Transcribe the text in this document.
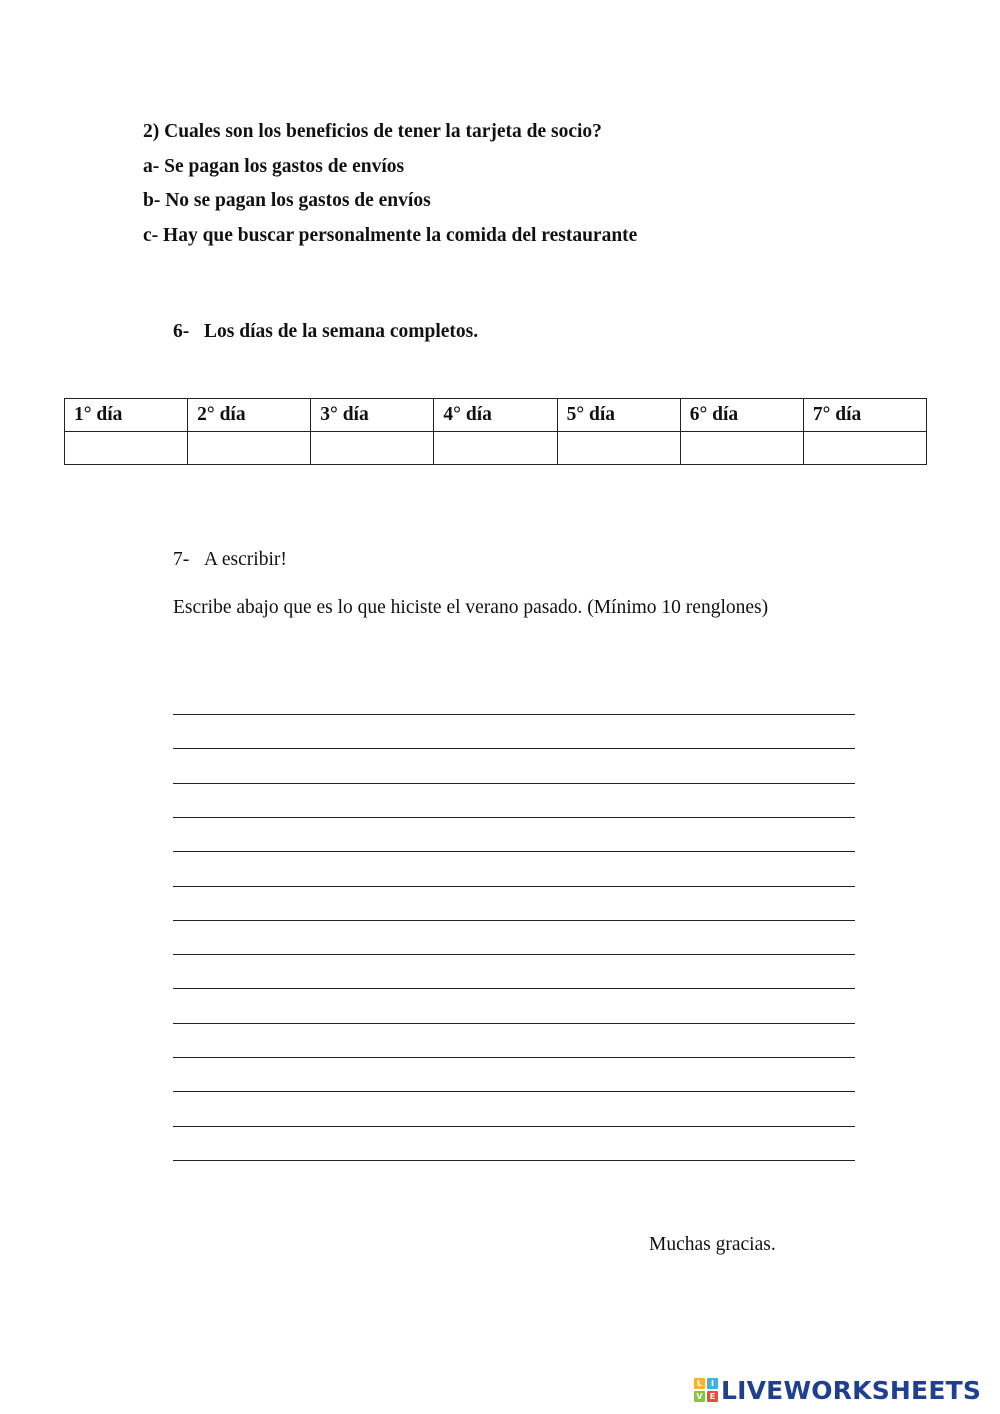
2) Cuales son los beneficios de tener la tarjeta de socio?
a- Se pagan los gastos de envíos
b- No se pagan los gastos de envíos
c- Hay que buscar personalmente la comida del restaurante
6- Los días de la semana completos.
1° día	2° día	3° día	4° día	5° día	6° día	7° día

7- A escribir!
Escribe abajo que es lo que hiciste el verano pasado. (Mínimo 10 renglones)
Muchas gracias.
L	I
V E LIVEWORKSHEETS
